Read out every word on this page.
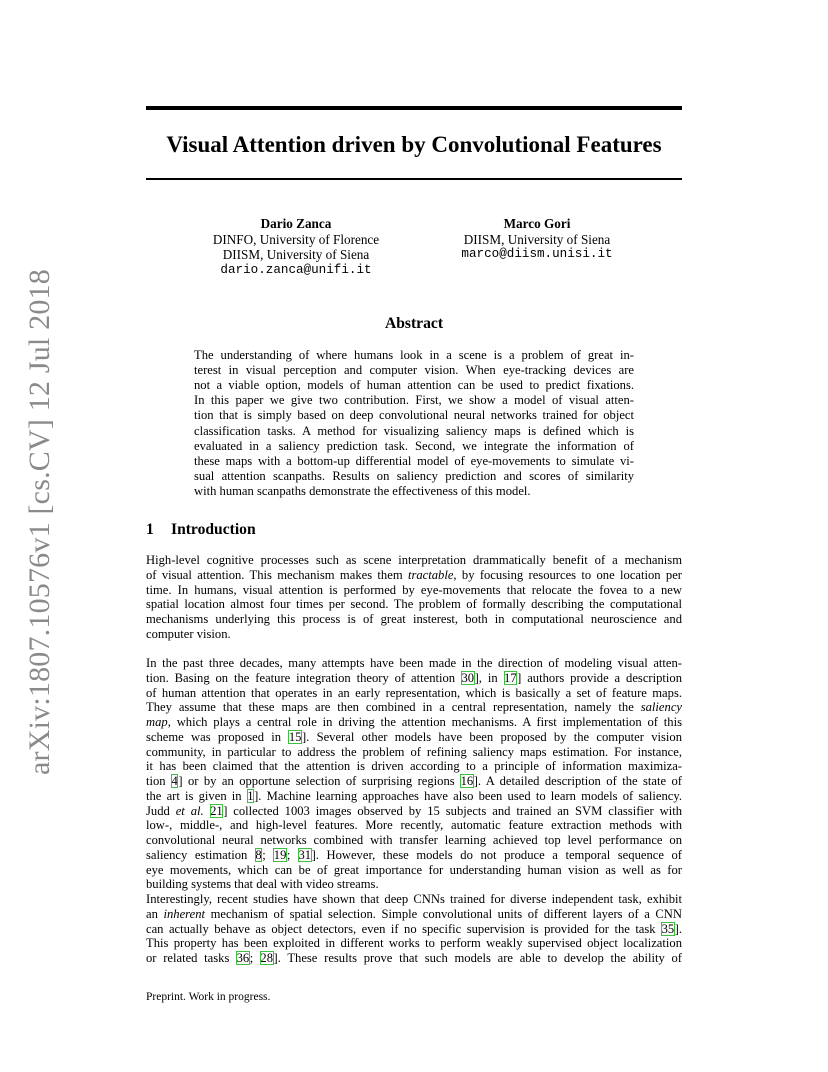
Visual Attention driven by Convolutional Features
Dario Zanca
DINFO, University of Florence
DIISM, University of Siena
dario.zanca@unifi.it
Marco Gori
DIISM, University of Siena
marco@diism.unisi.it
arXiv:1807.10576v1 [cs.CV] 12 Jul 2018	Abstract
The understanding of where humans look in a scene is a problem of great in-
terest in visual perception and computer vision. When eye-tracking devices are
not a viable option, models of human attention can be used to predict fixations.
In this paper we give two contribution. First, we show a model of visual atten-
tion that is simply based on deep convolutional neural networks trained for object
classification tasks. A method for visualizing saliency maps is defined which is
evaluated in a saliency prediction task. Second, we integrate the information of
these maps with a bottom-up differential model of eye-movements to simulate vi-
sual attention scanpaths. Results on saliency prediction and scores of similarity
with human scanpaths demonstrate the effectiveness of this model.
1 Introduction
High-level cognitive processes such as scene interpretation drammatically benefit of a mechanism
of visual attention. This mechanism makes them tractable, by focusing resources to one location per
time. In humans, visual attention is performed by eye-movements that relocate the fovea to a new
spatial location almost four times per second. The problem of formally describing the computational
mechanisms underlying this process is of great insterest, both in computational neuroscience and
computer vision.
In the past three decades, many attempts have been made in the direction of modeling visual atten-
tion. Basing on the feature integration theory of attention 30], in 17] authors provide a description
of human attention that operates in an early representation, which is basically a set of feature maps.
They assume that these maps are then combined in a central representation, namely the saliency
map, which plays a central role in driving the attention mechanisms. A first implementation of this
scheme was proposed in 15]. Several other models have been proposed by the computer vision
community, in particular to address the problem of refining saliency maps estimation. For instance,
it has been claimed that the attention is driven according to a principle of information maximiza-
tion 4] or by an opportune selection of surprising regions 16]. A detailed description of the state of
the art is given in 1]. Machine learning approaches have also been used to learn models of saliency.
Judd et al. 21] collected 1003 images observed by 15 subjects and trained an SVM classifier with
low-, middle-, and high-level features. More recently, automatic feature extraction methods with
convolutional neural networks combined with transfer learning achieved top level performance on
saliency estimation 8; 19; 31]. However, these models do not produce a temporal sequence of
eye movements, which can be of great importance for understanding human vision as well as for
building systems that deal with video streams.
Interestingly, recent studies have shown that deep CNNs trained for diverse independent task, exhibit
an inherent mechanism of spatial selection. Simple convolutional units of different layers of a CNN
can actually behave as object detectors, even if no specific supervision is provided for the task 35].
This property has been exploited in different works to perform weakly supervised object localization
or related tasks 36; 28]. These results prove that such models are able to develop the ability of
Preprint. Work in progress.
